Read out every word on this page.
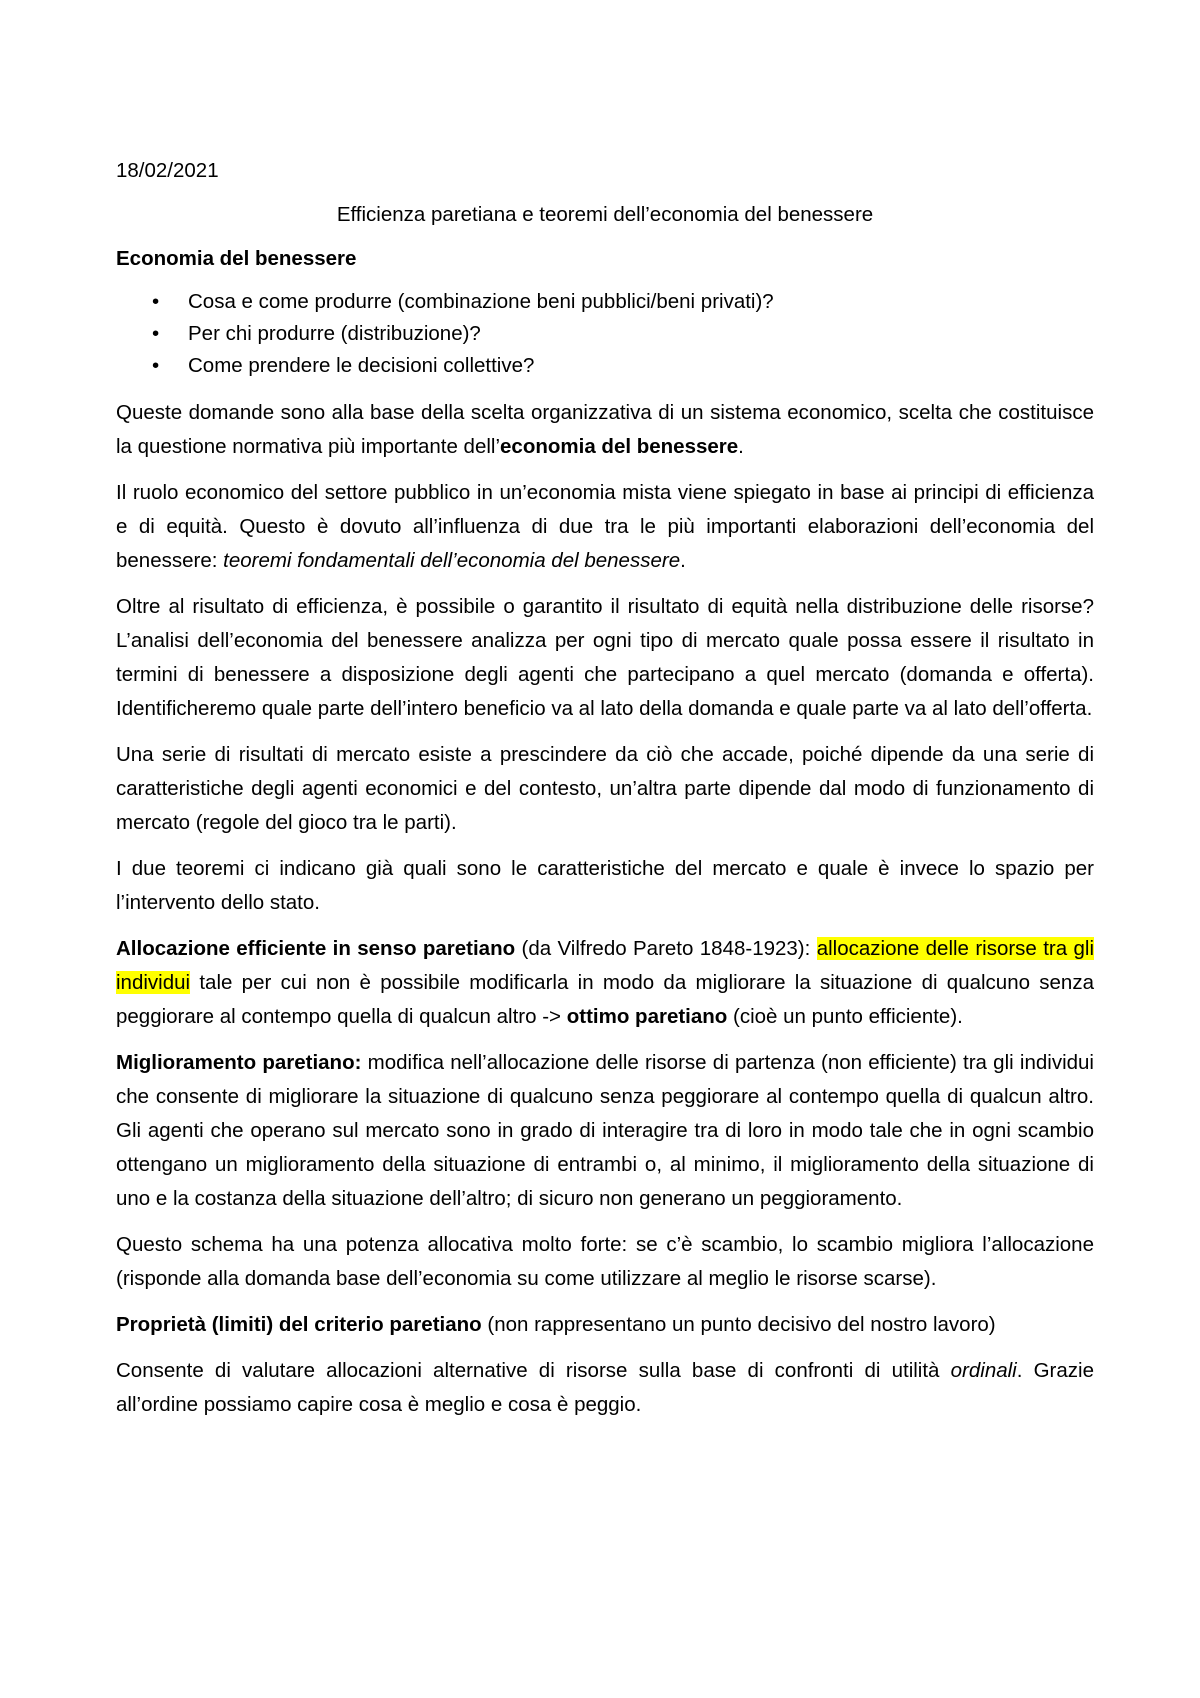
18/02/2021
Efficienza paretiana e teoremi dell’economia del benessere
Economia del benessere
•	Cosa e come produrre (combinazione beni pubblici/beni privati)?
•	Per chi produrre (distribuzione)?
•	Come prendere le decisioni collettive?

Queste domande sono alla base della scelta organizzativa di un sistema economico, scelta che costituisce la questione normativa più importante dell’economia del benessere.

Il ruolo economico del settore pubblico in un’economia mista viene spiegato in base ai principi di efficienza e di equità. Questo è dovuto all’influenza di due tra le più importanti elaborazioni dell’economia del benessere: teoremi fondamentali dell’economia del benessere.

Oltre al risultato di efficienza, è possibile o garantito il risultato di equità nella distribuzione delle risorse? L’analisi dell’economia del benessere analizza per ogni tipo di mercato quale possa essere il risultato in termini di benessere a disposizione degli agenti che partecipano a quel mercato (domanda e offerta). Identificheremo quale parte dell’intero beneficio va al lato della domanda e quale parte va al lato dell’offerta.

Una serie di risultati di mercato esiste a prescindere da ciò che accade, poiché dipende da una serie di caratteristiche degli agenti economici e del contesto, un’altra parte dipende dal modo di funzionamento di mercato (regole del gioco tra le parti).

I due teoremi ci indicano già quali sono le caratteristiche del mercato e quale è invece lo spazio per l’intervento dello stato.

Allocazione efficiente in senso paretiano (da Vilfredo Pareto 1848-1923): allocazione delle risorse tra gli individui tale per cui non è possibile modificarla in modo da migliorare la situazione di qualcuno senza peggiorare al contempo quella di qualcun altro -> ottimo paretiano (cioè un punto efficiente).

Miglioramento paretiano: modifica nell’allocazione delle risorse di partenza (non efficiente) tra gli individui che consente di migliorare la situazione di qualcuno senza peggiorare al contempo quella di qualcun altro. Gli agenti che operano sul mercato sono in grado di interagire tra di loro in modo tale che in ogni scambio ottengano un miglioramento della situazione di entrambi o, al minimo, il miglioramento della situazione di uno e la costanza della situazione dell’altro; di sicuro non generano un peggioramento.

Questo schema ha una potenza allocativa molto forte: se c’è scambio, lo scambio migliora l’allocazione (risponde alla domanda base dell’economia su come utilizzare al meglio le risorse scarse).

Proprietà (limiti) del criterio paretiano (non rappresentano un punto decisivo del nostro lavoro)

Consente di valutare allocazioni alternative di risorse sulla base di confronti di utilità ordinali. Grazie all’ordine possiamo capire cosa è meglio e cosa è peggio.
